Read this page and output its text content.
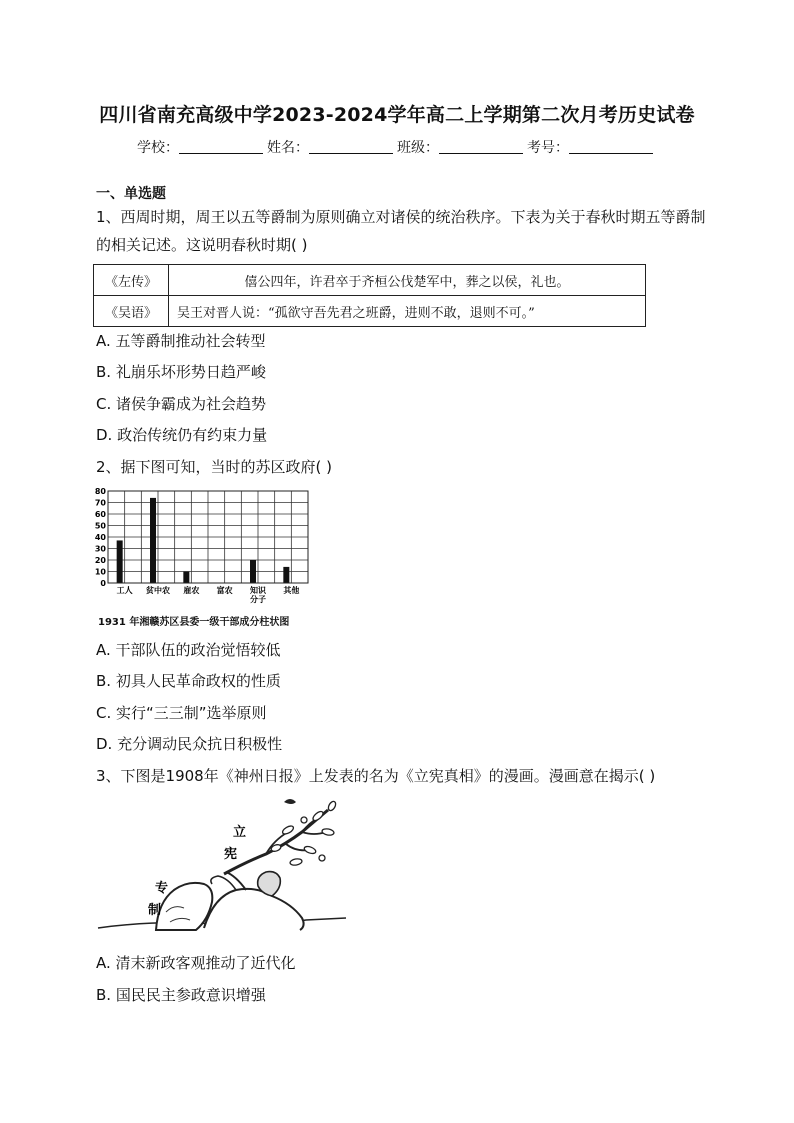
四川省南充高级中学2023-2024学年高二上学期第二次月考历史试卷
学校：	姓名：	班级：	考号：
一、单选题
1、西周时期，周王以五等爵制为原则确立对诸侯的统治秩序。下表为关于春秋时期五等爵制的相关记述。这说明春秋时期( )
《左传》	僖公四年，许君卒于齐桓公伐楚军中，葬之以侯，礼也。
《吴语》	吴王对晋人说：“孤欲守吾先君之班爵，进则不敢，退则不可。”
A. 五等爵制推动社会转型
B. 礼崩乐坏形势日趋严峻
C. 诸侯争霸成为社会趋势
D. 政治传统仍有约束力量
2、据下图可知，当时的苏区政府( )
0
10
20
30
40
50
60
70
80
工人 贫中农 雇农 富农 知识
分子
其他
1931 年湘赣苏区县委一级干部成分柱状图
A. 干部队伍的政治觉悟较低
B. 初具人民革命政权的性质
C. 实行“三三制”选举原则
D. 充分调动民众抗日积极性
3、下图是1908年《神州日报》上发表的名为《立宪真相》的漫画。漫画意在揭示( )
立
宪
专
制
A. 清末新政客观推动了近代化
B. 国民民主参政意识增强
